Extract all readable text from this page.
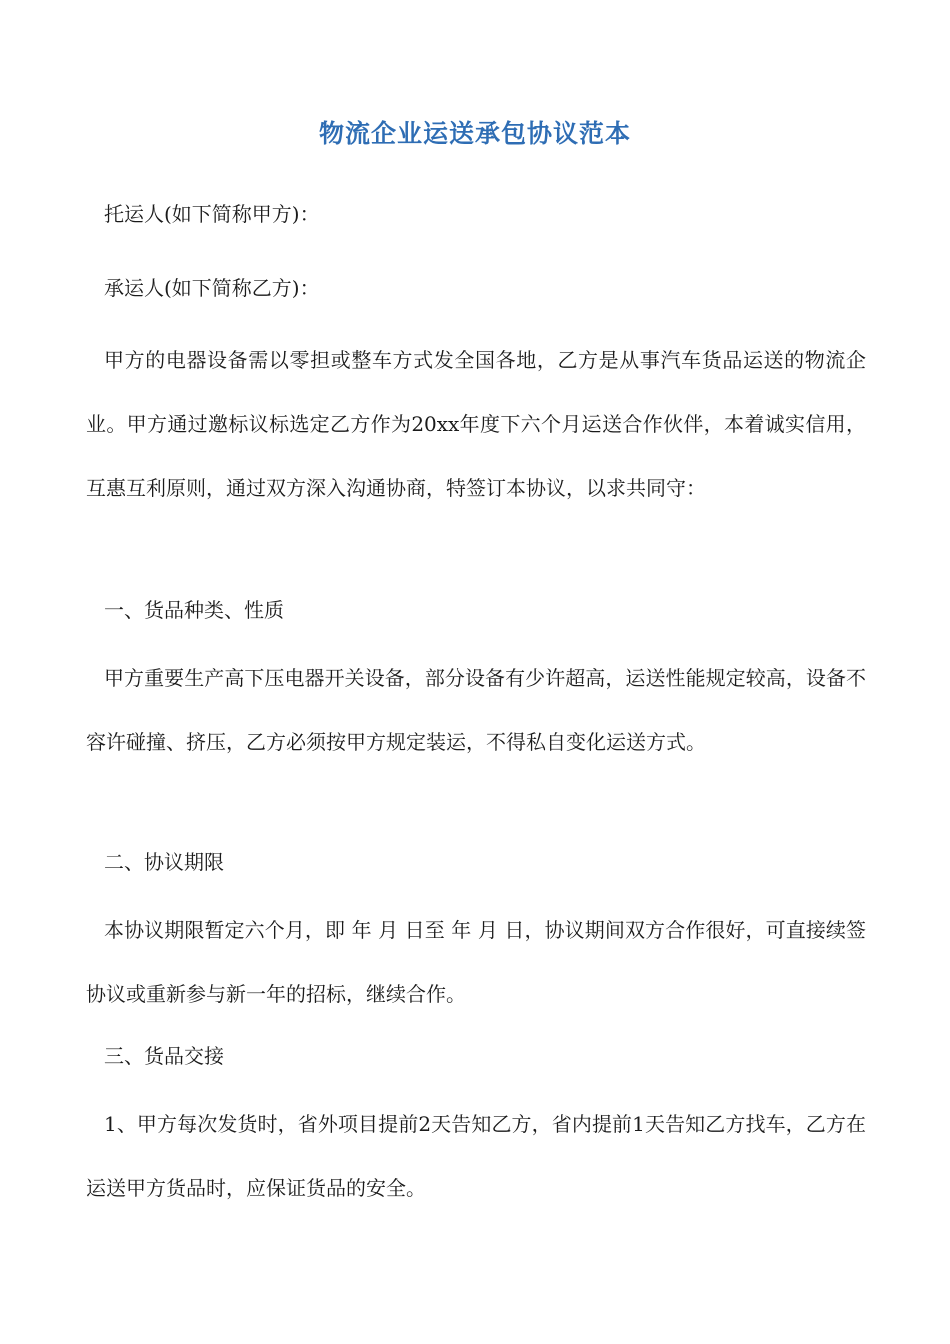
物流企业运送承包协议范本

托运人(如下简称甲方)：

承运人(如下简称乙方)：

甲方的电器设备需以零担或整车方式发全国各地，乙方是从事汽车货品运送的物流企业。甲方通过邀标议标选定乙方作为20xx年度下六个月运送合作伙伴，本着诚实信用，互惠互利原则，通过双方深入沟通协商，特签订本协议，以求共同守：

一、货品种类、性质

甲方重要生产高下压电器开关设备，部分设备有少许超高，运送性能规定较高，设备不容许碰撞、挤压，乙方必须按甲方规定装运，不得私自变化运送方式。

二、协议期限

本协议期限暂定六个月，即 年 月 日至 年 月 日，协议期间双方合作很好，可直接续签协议或重新参与新一年的招标，继续合作。

三、货品交接

1、甲方每次发货时，省外项目提前2天告知乙方，省内提前1天告知乙方找车，乙方在运送甲方货品时，应保证货品的安全。
